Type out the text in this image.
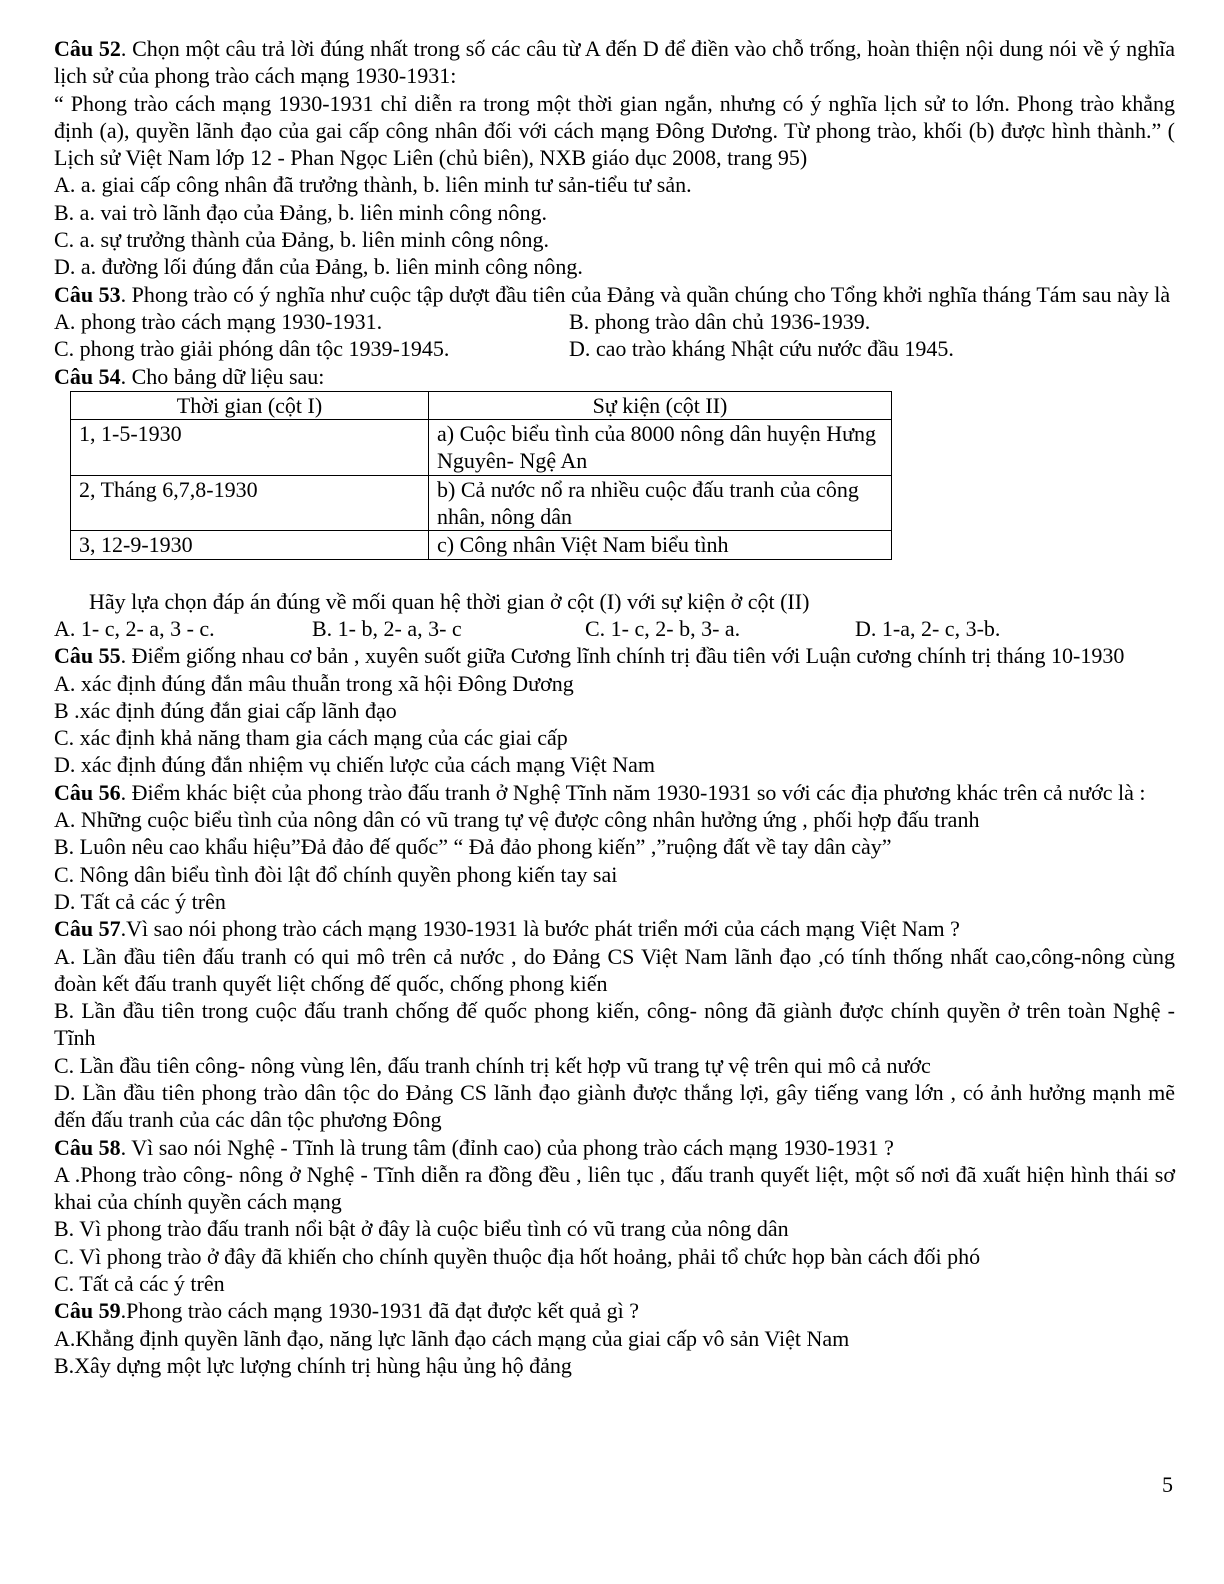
Câu 52. Chọn một câu trả lời đúng nhất trong số các câu từ A đến D để điền vào chỗ trống, hoàn thiện nội dung nói về ý nghĩa lịch sử của phong trào cách mạng 1930-1931:

“ Phong trào cách mạng 1930-1931 chỉ diễn ra trong một thời gian ngắn, nhưng có ý nghĩa lịch sử to lớn. Phong trào khẳng định (a), quyền lãnh đạo của gai cấp công nhân đối với cách mạng Đông Dương. Từ phong trào, khối (b) được hình thành.” ( Lịch sử Việt Nam lớp 12 - Phan Ngọc Liên (chủ biên), NXB giáo dục 2008, trang 95)

A. a. giai cấp công nhân đã trưởng thành, b. liên minh tư sản-tiểu tư sản.

B. a. vai trò lãnh đạo của Đảng, b. liên minh công nông.

C. a. sự trưởng thành của Đảng, b. liên minh công nông.

D. a. đường lối đúng đắn của Đảng, b. liên minh công nông.

Câu 53. Phong trào có ý nghĩa như cuộc tập dượt đầu tiên của Đảng và quần chúng cho Tổng khởi nghĩa tháng Tám sau này là

A. phong trào cách mạng 1930-1931.	B. phong trào dân chủ 1936-1939.
C. phong trào giải phóng dân tộc 1939-1945.	D. cao trào kháng Nhật cứu nước đầu 1945.

Câu 54. Cho bảng dữ liệu sau:

Thời gian (cột I)	Sự kiện (cột II)
1, 1-5-1930	a) Cuộc biểu tình của 8000 nông dân huyện Hưng Nguyên- Ngệ An
2, Tháng 6,7,8-1930	b) Cả nước nổ ra nhiều cuộc đấu tranh của công nhân, nông dân
3, 12-9-1930	c) Công nhân Việt Nam biểu tình

Hãy lựa chọn đáp án đúng về mối quan hệ thời gian ở cột (I) với sự kiện ở cột (II)

A. 1- c, 2- a, 3 - c.	B. 1- b, 2- a, 3- c	C. 1- c, 2- b, 3- a.	D. 1-a, 2- c, 3-b.

Câu 55. Điểm giống nhau cơ bản , xuyên suốt giữa Cương lĩnh chính trị đầu tiên với Luận cương chính trị tháng 10-1930

A. xác định đúng đắn mâu thuẫn trong xã hội Đông Dương

B .xác định đúng đắn giai cấp lãnh đạo

C. xác định khả năng tham gia cách mạng của các giai cấp

D. xác định đúng đắn nhiệm vụ chiến lược của cách mạng Việt Nam

Câu 56. Điểm khác biệt của phong trào đấu tranh ở Nghệ Tĩnh năm 1930-1931 so với các địa phương khác trên cả nước là :

A. Những cuộc biểu tình của nông dân có vũ trang tự vệ được công nhân hưởng ứng , phối hợp đấu tranh

B. Luôn nêu cao khẩu hiệu”Đả đảo đế quốc” “ Đả đảo phong kiến” ,”ruộng đất về tay dân cày”

C. Nông dân biểu tình đòi lật đổ chính quyền phong kiến tay sai

D. Tất cả các ý trên

Câu 57.Vì sao nói phong trào cách mạng 1930-1931 là bước phát triển mới của cách mạng Việt Nam ?

A. Lần đầu tiên đấu tranh có qui mô trên cả nước , do Đảng CS Việt Nam lãnh đạo ,có tính thống nhất cao,công-nông cùng đoàn kết đấu tranh quyết liệt chống đế quốc, chống phong kiến

B. Lần đầu tiên trong cuộc đấu tranh chống đế quốc phong kiến, công- nông đã giành được chính quyền ở trên toàn Nghệ - Tĩnh

C. Lần đầu tiên công- nông vùng lên, đấu tranh chính trị kết hợp vũ trang tự vệ trên qui mô cả nước

D. Lần đầu tiên phong trào dân tộc do Đảng CS lãnh đạo giành được thắng lợi, gây tiếng vang lớn , có ảnh hưởng mạnh mẽ đến đấu tranh của các dân tộc phương Đông

Câu 58. Vì sao nói Nghệ - Tĩnh là trung tâm (đỉnh cao) của phong trào cách mạng 1930-1931 ?

A .Phong trào công- nông ở Nghệ - Tĩnh diễn ra đồng đều , liên tục , đấu tranh quyết liệt, một số nơi đã xuất hiện hình thái sơ khai của chính quyền cách mạng

B. Vì phong trào đấu tranh nổi bật ở đây là cuộc biểu tình có vũ trang của nông dân

C. Vì phong trào ở đây đã khiến cho chính quyền thuộc địa hốt hoảng, phải tổ chức họp bàn cách đối phó

C. Tất cả các ý trên

Câu 59.Phong trào cách mạng 1930-1931 đã đạt được kết quả gì ?

A.Khẳng định quyền lãnh đạo, năng lực lãnh đạo cách mạng của giai cấp vô sản Việt Nam

B.Xây dựng một lực lượng chính trị hùng hậu ủng hộ đảng

5
